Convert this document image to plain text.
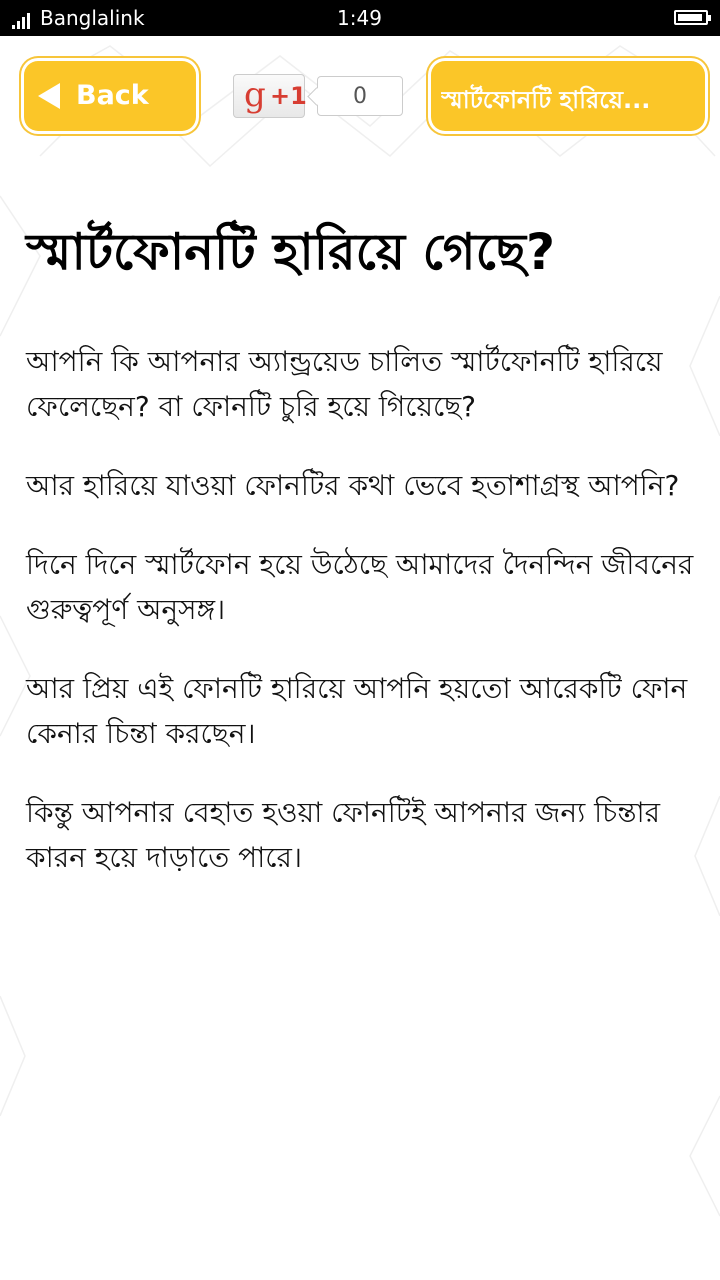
Banglalink	1:49
Back	g +1	0	স্মার্টফোনটি হারিয়ে...
স্মার্টফোনটি হারিয়ে গেছে?

আপনি কি আপনার অ্যান্ড্রয়েড চালিত স্মার্টফোনটি হারিয়ে ফেলেছেন? বা ফোনটি চুরি হয়ে গিয়েছে?

আর হারিয়ে যাওয়া ফোনটির কথা ভেবে হতাশাগ্রস্থ আপনি?

দিনে দিনে স্মার্টফোন হয়ে উঠেছে আমাদের দৈনন্দিন জীবনের গুরুত্বপূর্ণ অনুসঙ্গ।

আর প্রিয় এই ফোনটি হারিয়ে আপনি হয়তো আরেকটি ফোন কেনার চিন্তা করছেন।

কিন্তু আপনার বেহাত হওয়া ফোনটিই আপনার জন্য চিন্তার কারন হয়ে দাড়াতে পারে।
